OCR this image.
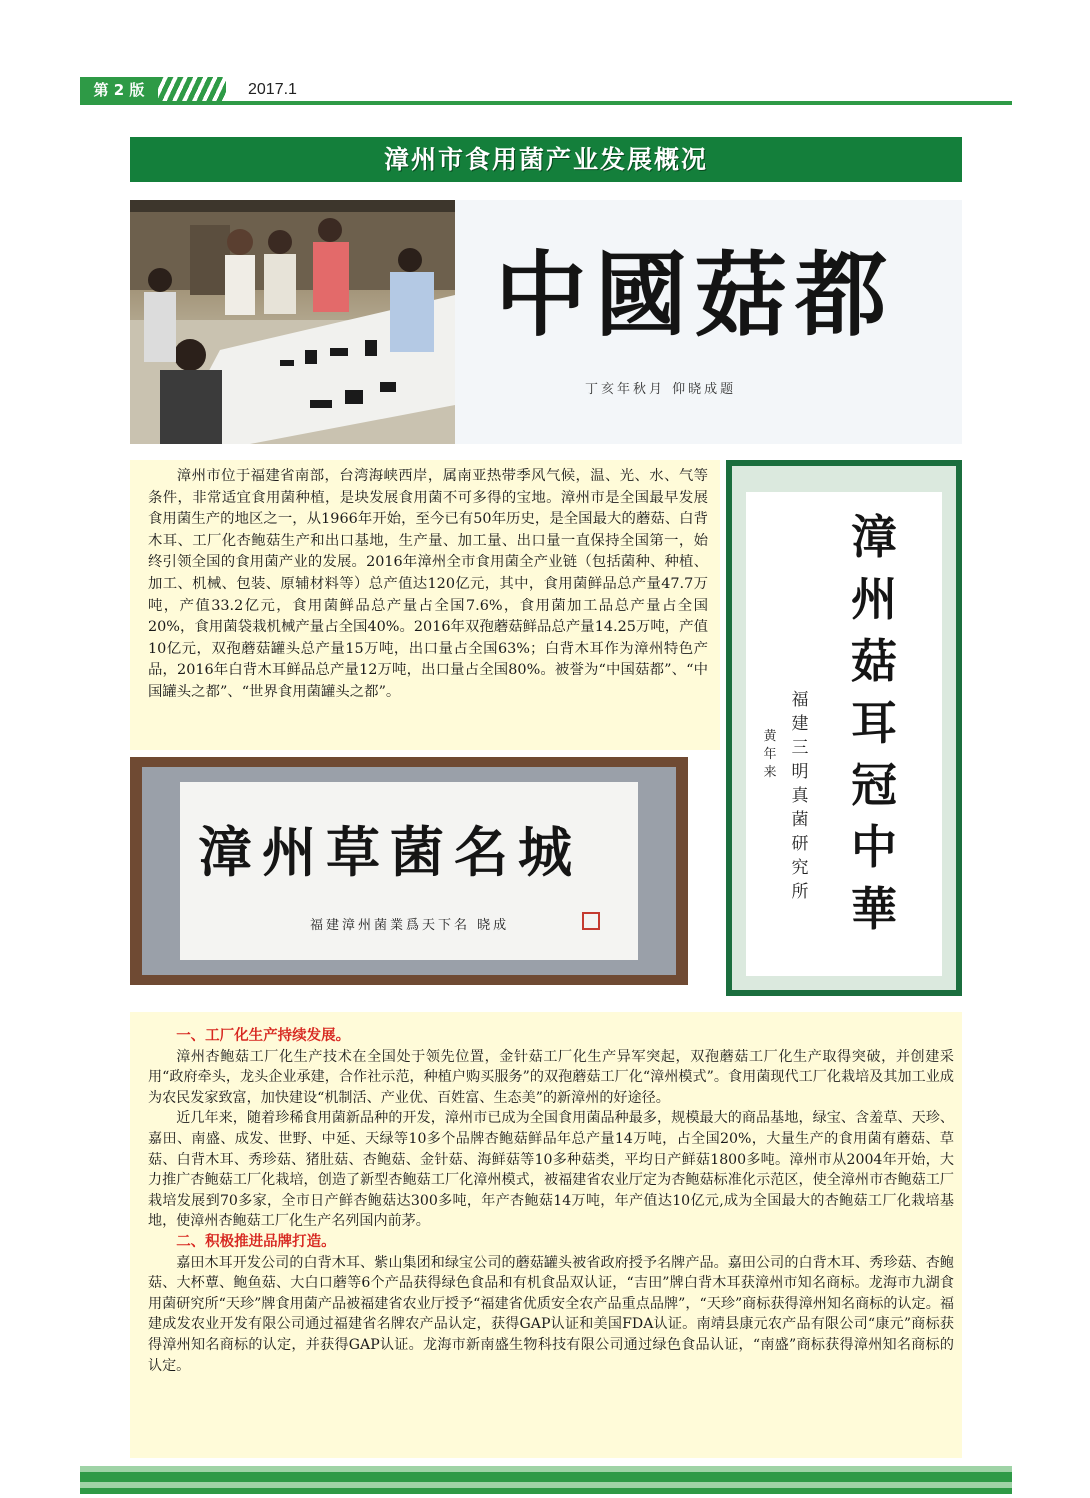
第 2 版	2017.1
漳州市食用菌产业发展概况
中國菇都
丁亥年秋月 仰晓成题
漳州市位于福建省南部，台湾海峡西岸，属南亚热带季风气候，温、光、水、气等条件，非常适宜食用菌种植，是块发展食用菌不可多得的宝地。漳州市是全国最早发展食用菌生产的地区之一，从1966年开始，至今已有50年历史，是全国最大的蘑菇、白背木耳、工厂化杏鲍菇生产和出口基地，生产量、加工量、出口量一直保持全国第一，始终引领全国的食用菌产业的发展。2016年漳州全市食用菌全产业链（包括菌种、种植、加工、机械、包装、原辅材料等）总产值达120亿元，其中，食用菌鲜品总产量47.7万吨，产值33.2亿元，食用菌鲜品总产量占全国7.6%，食用菌加工品总产量占全国20%，食用菌袋栽机械产量占全国40%。2016年双孢蘑菇鲜品总产量14.25万吨，产值10亿元，双孢蘑菇罐头总产量15万吨，出口量占全国63%；白背木耳作为漳州特色产品，2016年白背木耳鲜品总产量12万吨，出口量占全国80%。被誉为“中国菇都”、“中国罐头之都”、“世界食用菌罐头之都”。
漳州草菌名城
福建漳州菌業爲天下名 晓成
漳州菇耳冠中華
福建三明真菌研究所
黄年来

一、工厂化生产持续发展。

漳州杏鲍菇工厂化生产技术在全国处于领先位置，金针菇工厂化生产异军突起，双孢蘑菇工厂化生产取得突破，并创建采用“政府牵头，龙头企业承建，合作社示范，种植户购买服务”的双孢蘑菇工厂化“漳州模式”。食用菌现代工厂化栽培及其加工业成为农民发家致富，加快建设“机制活、产业优、百姓富、生态美”的新漳州的好途径。

近几年来，随着珍稀食用菌新品种的开发，漳州市已成为全国食用菌品种最多，规模最大的商品基地，绿宝、含羞草、天珍、嘉田、南盛、成发、世野、中延、天绿等10多个品牌杏鲍菇鲜品年总产量14万吨，占全国20%，大量生产的食用菌有蘑菇、草菇、白背木耳、秀珍菇、猪肚菇、杏鲍菇、金针菇、海鲜菇等10多种菇类，平均日产鲜菇1800多吨。漳州市从2004年开始，大力推广杏鲍菇工厂化栽培，创造了新型杏鲍菇工厂化漳州模式，被福建省农业厅定为杏鲍菇标准化示范区，使全漳州市杏鲍菇工厂栽培发展到70多家，全市日产鲜杏鲍菇达300多吨，年产杏鲍菇14万吨，年产值达10亿元,成为全国最大的杏鲍菇工厂化栽培基地，使漳州杏鲍菇工厂化生产名列国内前茅。

二、积极推进品牌打造。

嘉田木耳开发公司的白背木耳、紫山集团和绿宝公司的蘑菇罐头被省政府授予名牌产品。嘉田公司的白背木耳、秀珍菇、杏鲍菇、大杯蕈、鲍鱼菇、大白口蘑等6个产品获得绿色食品和有机食品双认证，“吉田”牌白背木耳获漳州市知名商标。龙海市九湖食用菌研究所“天珍”牌食用菌产品被福建省农业厅授予“福建省优质安全农产品重点品牌”，“天珍”商标获得漳州知名商标的认定。福建成发农业开发有限公司通过福建省名牌农产品认定，获得GAP认证和美国FDA认证。南靖县康元农产品有限公司“康元”商标获得漳州知名商标的认定，并获得GAP认证。龙海市新南盛生物科技有限公司通过绿色食品认证，“南盛”商标获得漳州知名商标的认定。
